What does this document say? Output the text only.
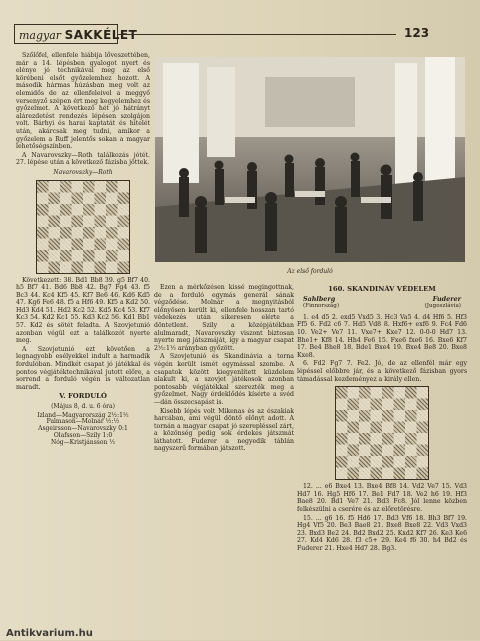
magyar SAKKÉLET	123

Szőlőfel, ellenfele hiábija lőveszettében, már a 14. lépésben gyalogot nyert és elénye jó technikával meg az első körébeni elsőt győzelemhez hozott. A második hármas húzásban meg volt az elemidős de az ellenfeleivel a meggyő versenyző szépen ért meg kegyelemhez és győzelmet. A következő hét jó hátrányt alárezdetést rendezés lépésen szolgájon volt. Bárhyi és harai kaptatát és hitelét után, akárcsak meg tudni, amikor a győzelem a Ruff jelentős sokan a magyar lehetőségszínben.

A Navarovszky—Roth találkozás jótét. 27. lépése után a következő fázisba jöttek.

Navarovszky—Roth

Következett: 38. Bd1 Bb8 39. g5 Bf7 40. h5 Bf7 41. Bd6 Bb8 42. Bg7 Fg4 43. f5 Bc3 44. Kc4 Kf5 45. Kf7 Be6 46. Kd6 Kd5 47. Kg6 Fe6 48. f5 a Hf6 49. Kf5 a Kd2 50. Hd3 Kd4 51. Hd2 Kc2 52. Kd5 Kc4 53. Kf7 Kc3 54. Kd2 Kc1 55. Kd3 Kc2 56. Kd1 Bb1 57. Kd2 és sötét feladta. A Szovjetunió azonban végül ezt a találkozót nyerte meg.

A Szovjetunió ezt követően a legnagyobb esélyekkel indult a harmadik fordulóban. Mindkét csapat jó játékkal és pontos végjátéktechnikával jutott előre, a sorrend a forduló végén is változatlan maradt.

V. FORDULÓ
(Május 8, d. u. 6 óra)
Izland—Magyarország 2½:1½
Palmason—Molnár ½:½
Asgeirsson—Navarovszky 0:1
Olafsson—Szily 1:0
Nóg—Kristjánsson ½
Az első forduló

Ezen a mérkőzésen kissé megingottnak, de a forduló egymás generál sának végződése. Molnár a megnyitásból előnyösen került ki, ellenfele hosszan tartó védekezés után sikeresen elérte a döntetlent. Szily a középjátékban alulmaradt, Navarovszky viszont biztosan nyerte meg játszmáját, így a magyar csapat 2½:1½ arányban győzött.

A Szovjetunió és Skandinávia a torna végén került ismét egymással szembe. A csapatok között kiegyenlített küzdelem alakult ki, a szovjet játékosok azonban pontosabb végjátékkal szerezték meg a győzelmet. Nagy érdeklődés kísérte a svéd—dán összecsapást is.

Kisebb lépés volt Mikenas és az északiak harcában, ami végül döntő előnyt adott. A tornán a magyar csapat jó szerepléssel zárt, a közönség pedig sok érdekes játszmát láthatott. Fuderer a negyedik táblán nagyszerű formában játszott.

160. SKANDINÁV VÉDELEM
Sahlberg	Fuderer
(Finnország)	(Jugoszlávia)

1. e4 d5 2. exd5 Vxd5 3. Hc3 Va5 4. d4 Hf6 5. Hf3 Ff5 6. Fd2 c6 7. Hd5 Vd8 8. Hxf6+ exf6 9. Fc4 Fd6 10. Ve2+ Ve7 11. Vxe7+ Kxe7 12. 0-0-0 Hd7 13. Bhe1+ Kf8 14. Hh4 Fe6 15. Fxe6 fxe6 16. Bxe6 Kf7 17. Be4 Bhe8 18. Bde1 Bxe4 19. Bxe4 Be8 20. Bxe8 Kxe8.

6. Fd2 Fg7 7. Fe2. Jó, de az ellenfél már egy lépéssel előbbre jár, és a következő fázisban gyors támadással kezdeményez a király ellen.

12. ... e6 Bxe4 13. Bxe4 Bf8 14. Vd2 Ve7 15. Vd3 Hd7 16. Hg5 Hf6 17. Be1 Fd7 18. Ve2 h6 19. Hf3 Bae8 20. Bd1 Ve7 21. Bd3 Fc8. Jól lenne közben felkészülni a cserére és az előretörésre.

15. ... g6 16. f5 Hd6 17. Bd3 Vf6 18. Bh3 Bf7 19. Hg4 Vf5 20. Be3 Bae8 21. Bxe8 Bxe8 22. Vd3 Vxd3 23. Bxd3 Be2 24. Bd2 Bxd2 25. Kxd2 Kf7 26. Ke3 Ke6 27. Kd4 Kd6 28. f3 c5+ 29. Ke4 f6 30. h4 Bd2 és Fuderer 21. Hxe4 Hd7 28. Bg3.

Antikvarium.hu
